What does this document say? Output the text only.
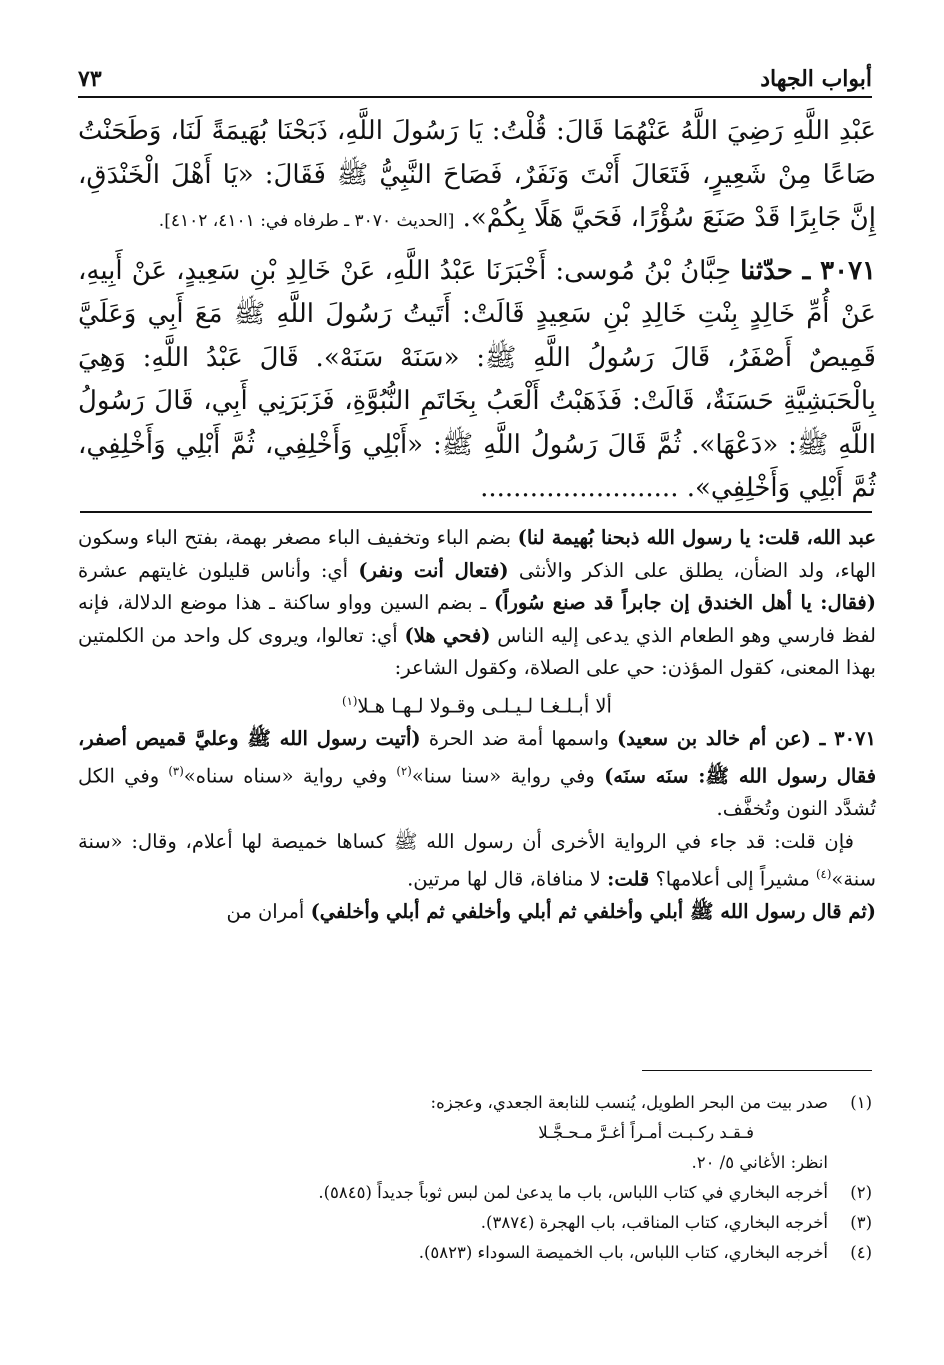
٧٣	أبواب الجهاد

عَبْدِ اللَّهِ رَضِيَ اللَّهُ عَنْهُمَا قَالَ: قُلْتُ: يَا رَسُولَ اللَّهِ، ذَبَحْنَا بُهَيمَةً لَنَا، وَطَحَنْتُ صَاعًا مِنْ شَعِيرٍ، فَتَعَالَ أَنْتَ وَنَفَرٌ، فَصَاحَ النَّبِيُّ ﷺ فَقَالَ: «يَا أَهْلَ الْخَنْدَقِ، إِنَّ جَابِرًا قَدْ صَنَعَ سُؤْرًا، فَحَيَّ هَلًا بِكُمْ». [الحديث ٣٠٧٠ ـ طرفاه في: ٤١٠١، ٤١٠٢].

٣٠٧١ ـ حدّثنا حِبَّانُ بْنُ مُوسى: أَخْبَرَنَا عَبْدُ اللَّهِ، عَنْ خَالِدِ بْنِ سَعِيدٍ، عَنْ أَبِيهِ، عَنْ أُمِّ خَالِدٍ بِنْتِ خَالِدِ بْنِ سَعِيدٍ قَالَتْ: أَتَيتُ رَسُولَ اللَّهِ ﷺ مَعَ أَبِي وَعَلَيَّ قَمِيصٌ أَصْفَرُ، قَالَ رَسُولُ اللَّهِ ﷺ: «سَنَهْ سَنَهْ». قَالَ عَبْدُ اللَّهِ: وَهِيَ بِالْحَبَشِيَّةِ حَسَنَةٌ، قَالَتْ: فَذَهَبْتُ أَلْعَبُ بِخَاتَمِ النُّبُوَّةِ، فَزَبَرَنِي أَبِي، قَالَ رَسُولُ اللَّهِ ﷺ: «دَعْهَا». ثُمَّ قَالَ رَسُولُ اللَّهِ ﷺ: «أَبْلِي وَأَخْلِفِي، ثُمَّ أَبْلِي وَأَخْلِفِي، ثُمَّ أَبْلِي وَأَخْلِفِي». ........................

عبد الله، قلت: يا رسول الله ذبحنا بُهيمة لنا) بضم الباء وتخفيف الباء مصغر بهمة، بفتح الباء وسكون الهاء، ولد الضأن، يطلق على الذكر والأنثى (فتعال أنت ونفر) أي: وأناس قليلون غايتهم عشرة (فقال: يا أهل الخندق إن جابراً قد صنع سُوراً) ـ بضم السين وواو ساكنة ـ هذا موضع الدلالة، فإنه لفظ فارسي وهو الطعام الذي يدعى إليه الناس (فحي هلا) أي: تعالوا، ويروى كل واحد من الكلمتين بهذا المعنى، كقول المؤذن: حي على الصلاة، وكقول الشاعر:

ألا أبـلـغـا لـيـلـى وقـولا لـهـا هـلا$^{(١)}$

٣٠٧١ ـ (عن أم خالد بن سعيد) واسمها أمة ضد الحرة (أتيت رسول الله ﷺ وعليَّ قميص أصفر، فقال رسول الله ﷺ: سنَه سنَه) وفي رواية «سنا سنا»$^{(٢)}$ وفي رواية «سناه سناه»$^{(٣)}$ وفي الكل تُشدَّد النون وتُخفَّف.

فإن قلت: قد جاء في الرواية الأخرى أن رسول الله ﷺ كساها خميصة لها أعلام، وقال: «سنة سنة»$^{(٤)}$ مشيراً إلى أعلامها؟ قلت: لا منافاة، قال لها مرتين.

(ثم قال رسول الله ﷺ أبلي وأخلفي ثم أبلي وأخلفي ثم أبلي وأخلفي) أمران من

(١)
صدر بيت من البحر الطويل، يُنسب للنابعة الجعدي، وعجزه:

فـقـد ركـبـت أمـراً أغـرَّ مـحـجَّـلا

انظر: الأغاني ٥/ ٢٠.

(٢)
أخرجه البخاري في كتاب اللباس، باب ما يدعىٰ لمن لبس ثوباً جديداً (٥٨٤٥).

(٣)
أخرجه البخاري، كتاب المناقب، باب الهجرة (٣٨٧٤).

(٤)
أخرجه البخاري، كتاب اللباس، باب الخميصة السوداء (٥٨٢٣).
